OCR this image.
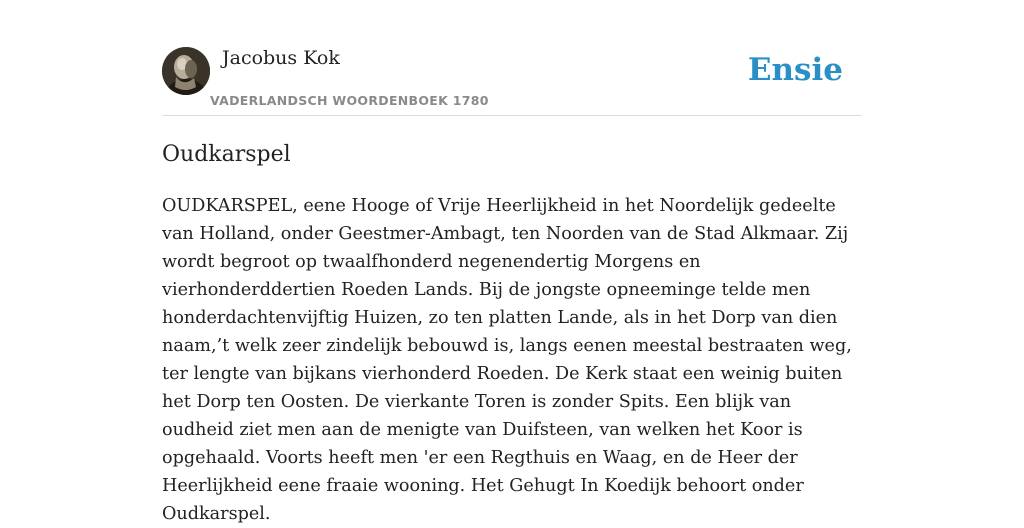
Jacobus Kok
VADERLANDSCH WOORDENBOEK 1780
Ensie
Oudkarspel

OUDKARSPEL, eene Hooge of Vrije Heerlijkheid in het Noordelijk gedeelte van Holland, onder Geestmer-Ambagt, ten Noorden van de Stad Alkmaar. Zij wordt begroot op twaalfhonderd negenendertig Morgens en vierhonderddertien Roeden Lands. Bij de jongste opneeminge telde men honderdachtenvijftig Huizen, zo ten platten Lande, als in het Dorp van dien naam,’t welk zeer zindelijk bebouwd is, langs eenen meestal bestraaten weg, ter lengte van bijkans vierhonderd Roeden. De Kerk staat een weinig buiten het Dorp ten Oosten. De vierkante Toren is zonder Spits. Een blijk van oudheid ziet men aan de menigte van Duifsteen, van welken het Koor is opgehaald. Voorts heeft men 'er een Regthuis en Waag, en de Heer der Heerlijkheid eene fraaie wooning. Het Gehugt In Koedijk behoort onder Oudkarspel.
